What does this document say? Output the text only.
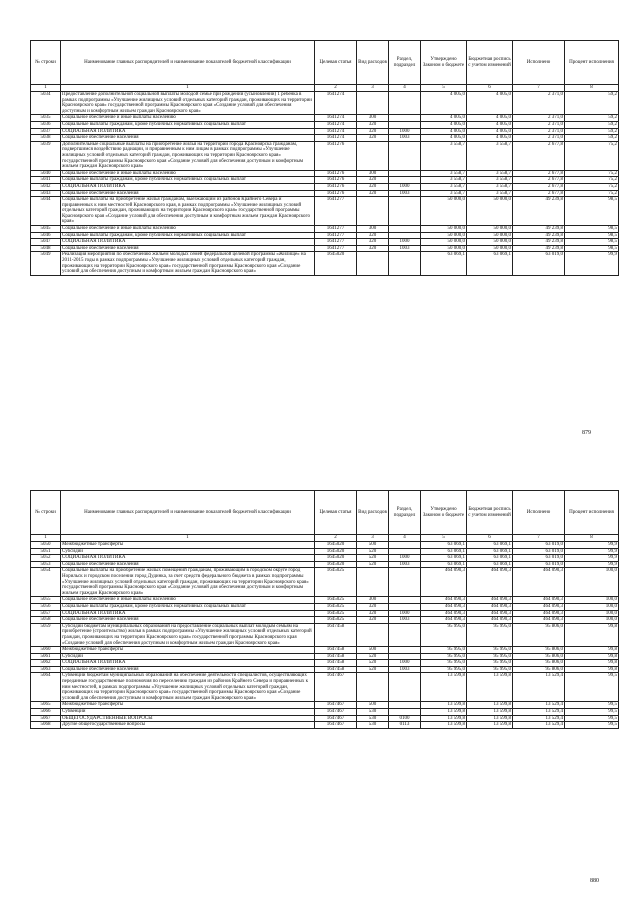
№ строки	Наименование главных распорядителей и наименование показателей бюджетной классификации	Целевая статья	Вид расходов	Раздел, подраздел	Утверждено Законом о бюджете	Бюджетная роспись с учетом изменений	Исполнено	Процент исполнения
1	1	2	3	4	5	6	7	8
5034	Предоставление дополнительной социальной выплаты молодой семье при рождении (усыновлении) 1 ребенка в рамках подпрограммы «Улучшение жилищных условий отдельных категорий граждан, проживающих на территории Красноярского края» государственной программы Красноярского края «Создание условий для обеспечения доступным и комфортным жильем граждан Красноярского края»	1641274			4 005,0	4 005,0	2 371,0	59,2
5035	Социальное обеспечение и иные выплаты населению	1641274	300		4 005,0	4 005,0	2 371,0	59,2
5036	Социальные выплаты гражданам, кроме публичных нормативных социальных выплат	1641274	320		4 005,0	4 005,0	2 371,0	59,2
5037	СОЦИАЛЬНАЯ ПОЛИТИКА	1641274	320	1000	4 005,0	4 005,0	2 371,0	59,2
5038	Социальное обеспечение населения	1641274	320	1003	4 005,0	4 005,0	2 371,0	59,2
5039	Дополнительные социальные выплаты на приобретение жилья на территории города Красноярска гражданам, подвергшимся воздействию радиации, и приравненным к ним лицам в рамках подпрограммы «Улучшение жилищных условий отдельных категорий граждан, проживающих на территории Красноярского края» государственной программы Красноярского края «Создание условий для обеспечения доступным и комфортным жильем граждан Красноярского края»	1641276			3 558,7	3 558,7	2 677,8	75,2
5040	Социальное обеспечение и иные выплаты населению	1641276	300		3 558,7	3 558,7	2 677,8	75,2
5041	Социальные выплаты гражданам, кроме публичных нормативных социальных выплат	1641276	320		3 558,7	3 558,7	2 677,8	75,2
5042	СОЦИАЛЬНАЯ ПОЛИТИКА	1641276	320	1000	3 558,7	3 558,7	2 677,8	75,2
5043	Социальное обеспечение населения	1641276	320	1003	3 558,7	3 558,7	2 677,8	75,2
5044	Социальные выплаты на приобретение жилья гражданам, выезжающим из районов Крайнего Севера и приравненных к ним местностей Красноярского края, в рамках подпрограммы «Улучшение жилищных условий отдельных категорий граждан, проживающих на территории Красноярского края» государственной программы Красноярского края «Создание условий для обеспечения доступным и комфортным жильем граждан Красноярского края»	1641277			50 000,0	50 000,0	49 239,8	98,5
5045	Социальное обеспечение и иные выплаты населению	1641277	300		50 000,0	50 000,0	49 239,8	98,5
5046	Социальные выплаты гражданам, кроме публичных нормативных социальных выплат	1641277	320		50 000,0	50 000,0	49 239,8	98,5
5047	СОЦИАЛЬНАЯ ПОЛИТИКА	1641277	320	1000	50 000,0	50 000,0	49 239,8	98,5
5048	Социальное обеспечение населения	1641277	320	1003	50 000,0	50 000,0	49 239,8	98,5
5049	Реализация мероприятия по обеспечению жильем молодых семей федеральной целевой программы «Жилище» на 2011-2015 годы в рамках подпрограммы «Улучшение жилищных условий отдельных категорий граждан, проживающих на территории Красноярского края» государственной программы Красноярского края «Создание условий для обеспечения доступным и комфортным жильем граждан Красноярского края»	1645020			63 069,1	63 069,1	63 019,0	99,9
879
№ строки	Наименование главных распорядителей и наименование показателей бюджетной классификации	Целевая статья	Вид расходов	Раздел, подраздел	Утверждено Законом о бюджете	Бюджетная роспись с учетом изменений	Исполнено	Процент исполнения
1	1	2	3	4	5	6	7	8
5050	Межбюджетные трансферты	1645020	500		63 069,1	63 069,1	63 019,0	99,9
5051	Субсидии	1645020	520		63 069,1	63 069,1	63 019,0	99,9
5052	СОЦИАЛЬНАЯ ПОЛИТИКА	1645020	520	1000	63 069,1	63 069,1	63 019,0	99,9
5053	Социальное обеспечение населения	1645020	520	1003	63 069,1	63 069,1	63 019,0	99,9
5054	Социальные выплаты на приобретение жилых помещений гражданам, проживающим в городском округе город Норильск и городском поселении город Дудинка, за счет средств федерального бюджета в рамках подпрограммы «Улучшение жилищных условий отдельных категорий граждан, проживающих на территории Красноярского края» государственной программы Красноярского края «Создание условий для обеспечения доступным и комфортным жильем граждан Красноярского края»	1645025			464 090,3	464 090,3	464 090,3	100,0
5055	Социальное обеспечение и иные выплаты населению	1645025	300		464 090,3	464 090,3	464 090,3	100,0
5056	Социальные выплаты гражданам, кроме публичных нормативных социальных выплат	1645025	320		464 090,3	464 090,3	464 090,3	100,0
5057	СОЦИАЛЬНАЯ ПОЛИТИКА	1645025	320	1000	464 090,3	464 090,3	464 090,3	100,0
5058	Социальное обеспечение населения	1645025	320	1003	464 090,3	464 090,3	464 090,3	100,0
5059	Субсидии бюджетам муниципальных образований на предоставление социальных выплат молодым семьям на приобретение (строительство) жилья в рамках подпрограммы «Улучшение жилищных условий отдельных категорий граждан, проживающих на территории Красноярского края» государственной программы Красноярского края «Создание условий для обеспечения доступным и комфортным жильем граждан Красноярского края»	1647458			95 995,0	95 995,0	95 806,0	99,8
5060	Межбюджетные трансферты	1647458	500		95 995,0	95 995,0	95 806,0	99,8
5061	Субсидии	1647458	520		95 995,0	95 995,0	95 806,0	99,8
5062	СОЦИАЛЬНАЯ ПОЛИТИКА	1647458	520	1000	95 995,0	95 995,0	95 806,0	99,8
5063	Социальное обеспечение населения	1647458	520	1003	95 995,0	95 995,0	95 806,0	99,8
5064	Субвенции бюджетам муниципальных образований на обеспечение деятельности специалистов, осуществляющих переданные государственные полномочия по переселению граждан из районов Крайнего Севера и приравненных к ним местностей, в рамках подпрограммы «Улучшение жилищных условий отдельных категорий граждан, проживающих на территории Красноярского края» государственной программы Красноярского края «Создание условий для обеспечения доступным и комфортным жильем граждан Красноярского края»	1647467			13 599,8	13 599,8	13 529,4	99,5
5065	Межбюджетные трансферты	1647467	500		13 599,8	13 599,8	13 529,4	99,5
5066	Субвенции	1647467	530		13 599,8	13 599,8	13 529,4	99,5
5067	ОБЩЕГОСУДАРСТВЕННЫЕ ВОПРОСЫ	1647467	530	0100	13 599,8	13 599,8	13 529,4	99,5
5068	Другие общегосударственные вопросы	1647467	530	0113	13 599,8	13 599,8	13 529,4	99,5
880
